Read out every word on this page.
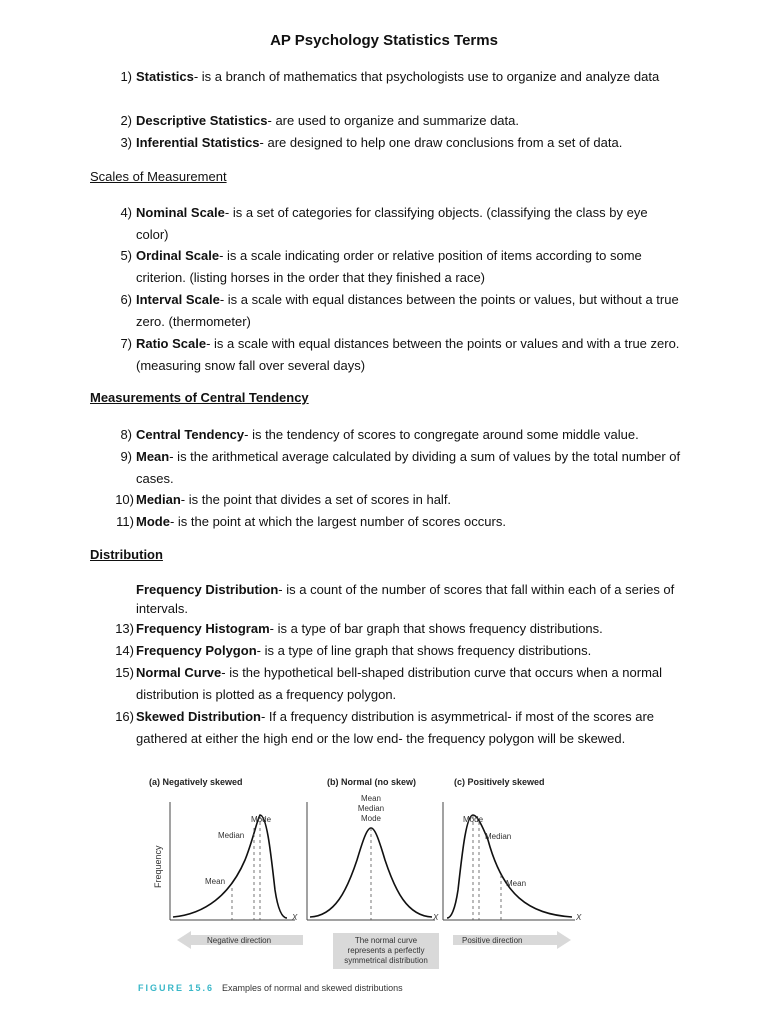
AP Psychology Statistics Terms
1) Statistics- is a branch of mathematics that psychologists use to organize and analyze data
2) Descriptive Statistics- are used to organize and summarize data.
3) Inferential Statistics- are designed to help one draw conclusions from a set of data.
Scales of Measurement
4) Nominal Scale- is a set of categories for classifying objects. (classifying the class by eye color)
5) Ordinal Scale- is a scale indicating order or relative position of items according to some criterion. (listing horses in the order that they finished a race)
6) Interval Scale- is a scale with equal distances between the points or values, but without a true zero. (thermometer)
7) Ratio Scale- is a scale with equal distances between the points or values and with a true zero. (measuring snow fall over several days)
Measurements of Central Tendency
8) Central Tendency- is the tendency of scores to congregate around some middle value.
9) Mean- is the arithmetical average calculated by dividing a sum of values by the total number of cases.
10) Median- is the point that divides a set of scores in half.
11) Mode- is the point at which the largest number of scores occurs.
Distribution
Frequency Distribution- is a count of the number of scores that fall within each of a series of intervals.
13) Frequency Histogram- is a type of bar graph that shows frequency distributions.
14) Frequency Polygon- is a type of line graph that shows frequency distributions.
15) Normal Curve- is the hypothetical bell-shaped distribution curve that occurs when a normal distribution is plotted as a frequency polygon.
16) Skewed Distribution- If a frequency distribution is asymmetrical- if most of the scores are gathered at either the high end or the low end- the frequency polygon will be skewed.
(a) Negatively skewed	(b) Normal (no skew)	(c) Positively skewed
Frequency
Mode
Median
Mean
X
Mean
Median
Mode
X
Mode
Median
Mean
X
Negative direction	The normal curve
represents a perfectly
symmetrical distribution
Positive direction
FIGURE 15.6 Examples of normal and skewed distributions
